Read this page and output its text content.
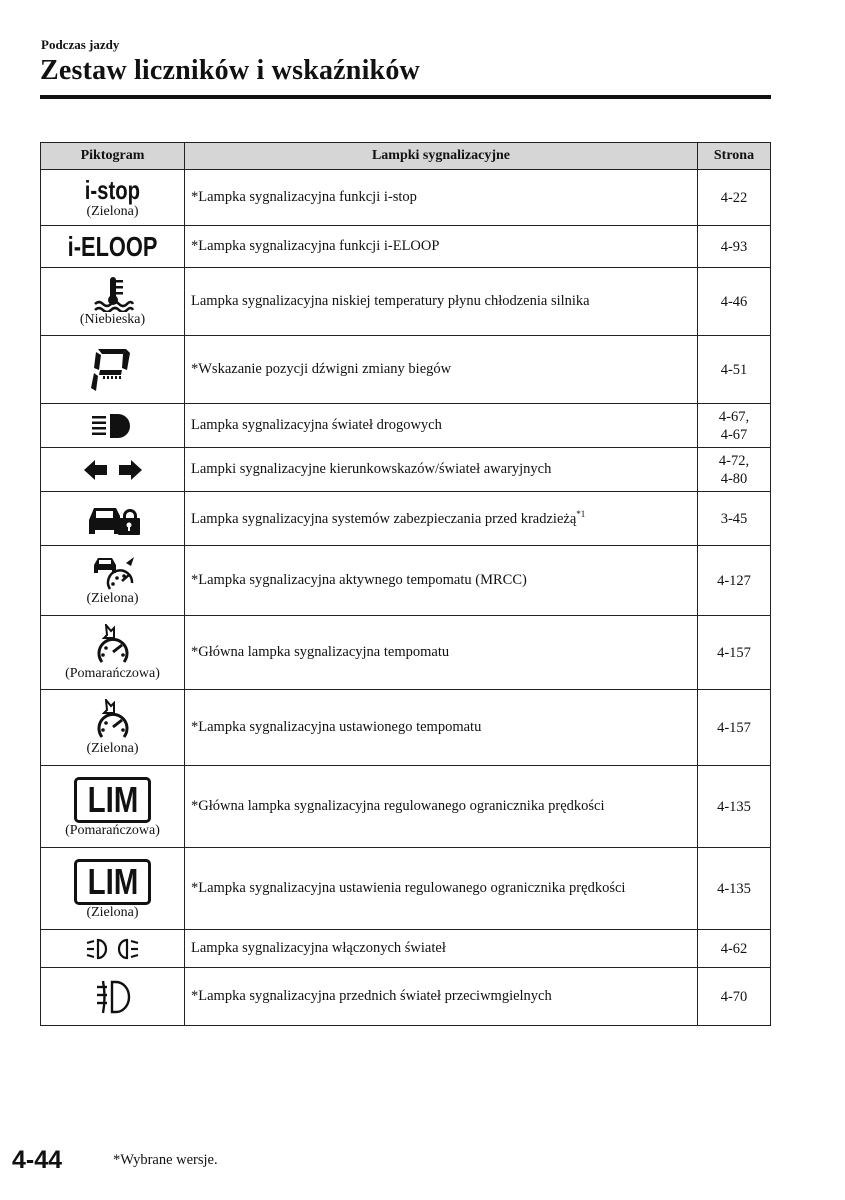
Podczas jazdy
Zestaw liczników i wskaźników
Piktogram	Lampki sygnalizacyjne	Strona
i-stop
(Zielona)	*Lampka sygnalizacyjna funkcji i-stop	4-22
i-ELOOP	*Lampka sygnalizacyjna funkcji i-ELOOP	4-93

(Niebieska)	Lampka sygnalizacyjna niskiej temperatury płynu chłodzenia silnika	4-46

	*Wskazanie pozycji dźwigni zmiany biegów	4-51

	Lampka sygnalizacyjna świateł drogowych	4-67,
4-67

	Lampki sygnalizacyjne kierunkowskazów/świateł awaryjnych	4-72,
4-80

	Lampka sygnalizacyjna systemów zabezpieczania przed kradzieżą$^{*1}$	3-45

(Zielona)	*Lampka sygnalizacyjna aktywnego tempomatu (MRCC)	4-127

(Pomarańczowa)	*Główna lampka sygnalizacyjna tempomatu	4-157

(Zielona)	*Lampka sygnalizacyjna ustawionego tempomatu	4-157
LIM
(Pomarańczowa)	*Główna lampka sygnalizacyjna regulowanego ogranicznika prędkości	4-135
LIM
(Zielona)	*Lampka sygnalizacyjna ustawienia regulowanego ogranicznika prędkości	4-135

	Lampka sygnalizacyjna włączonych świateł	4-62

	*Lampka sygnalizacyjna przednich świateł przeciwmgielnych	4-70
4-44	*Wybrane wersje.
